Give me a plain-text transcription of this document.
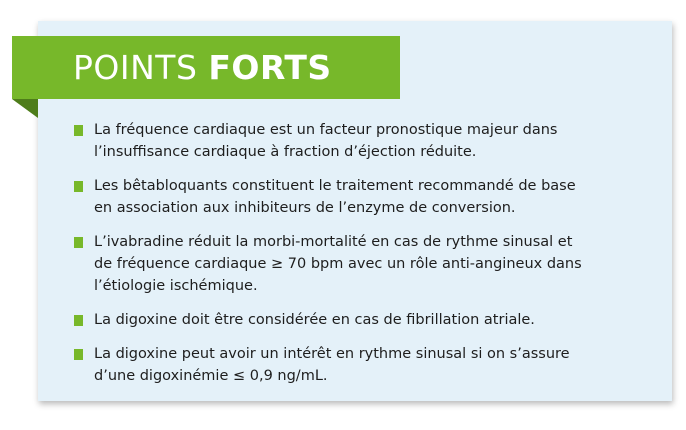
POINTS FORTS
La fréquence cardiaque est un facteur pronostique majeur dans
l’insuffisance cardiaque à fraction d’éjection réduite.
Les bêtabloquants constituent le traitement recommandé de base
en association aux inhibiteurs de l’enzyme de conversion.
L’ivabradine réduit la morbi-mortalité en cas de rythme sinusal et
de fréquence cardiaque ≥ 70 bpm avec un rôle anti-angineux dans
l’étiologie ischémique.
La digoxine doit être considérée en cas de fibrillation atriale.
La digoxine peut avoir un intérêt en rythme sinusal si on s’assure
d’une digoxinémie ≤ 0,9 ng/mL.
